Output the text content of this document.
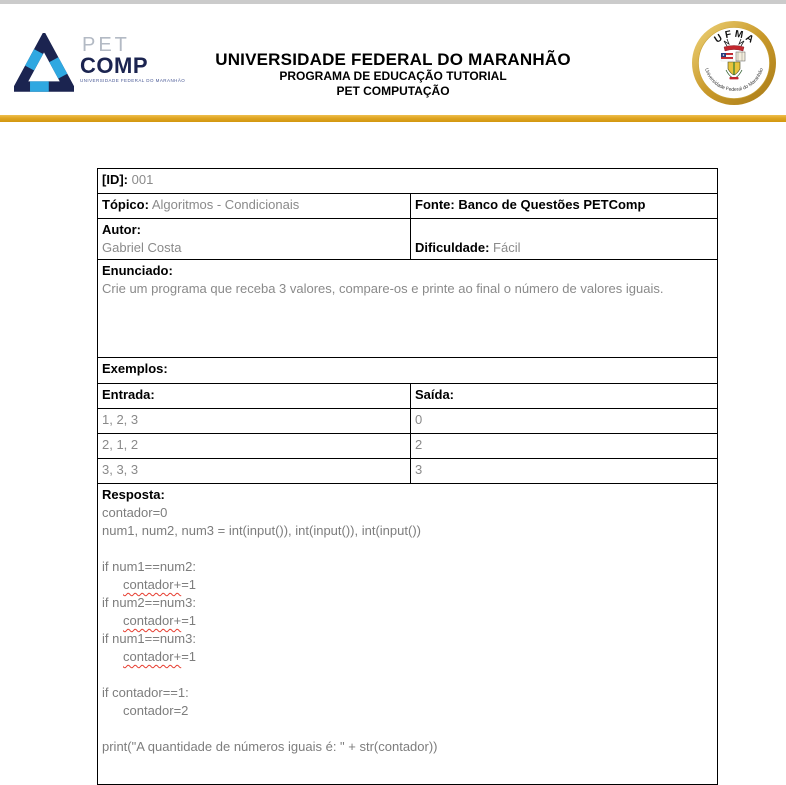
PET
COMP
UNIVERSIDADE FEDERAL DO MARANHÃO
UNIVERSIDADE FEDERAL DO MARANHÃO
PROGRAMA DE EDUCAÇÃO TUTORIAL
PET COMPUTAÇÃO
U F M A
Universidade Federal do Maranhão
[ID]: 001	
Tópico: Algoritmos - Condicionais	Fonte: Banco de Questões PETComp

Autor:
Gabriel Costa	Dificuldade: Fácil

Enunciado:
Crie um programa que receba 3 valores, compare-os e printe ao final o número de valores iguais.	

Exemplos:	
Entrada:	Saída:
1, 2, 3	0
2, 1, 2	2
3, 3, 3	3

Resposta:
contador=0
num1, num2, num3 = int(input()), int(input()), int(input())

if num1==num2:
contador+=1
if num2==num3:
contador+=1
if num1==num3:
contador+=1

if contador==1:
contador=2

print("A quantidade de números iguais é: " + str(contador))
